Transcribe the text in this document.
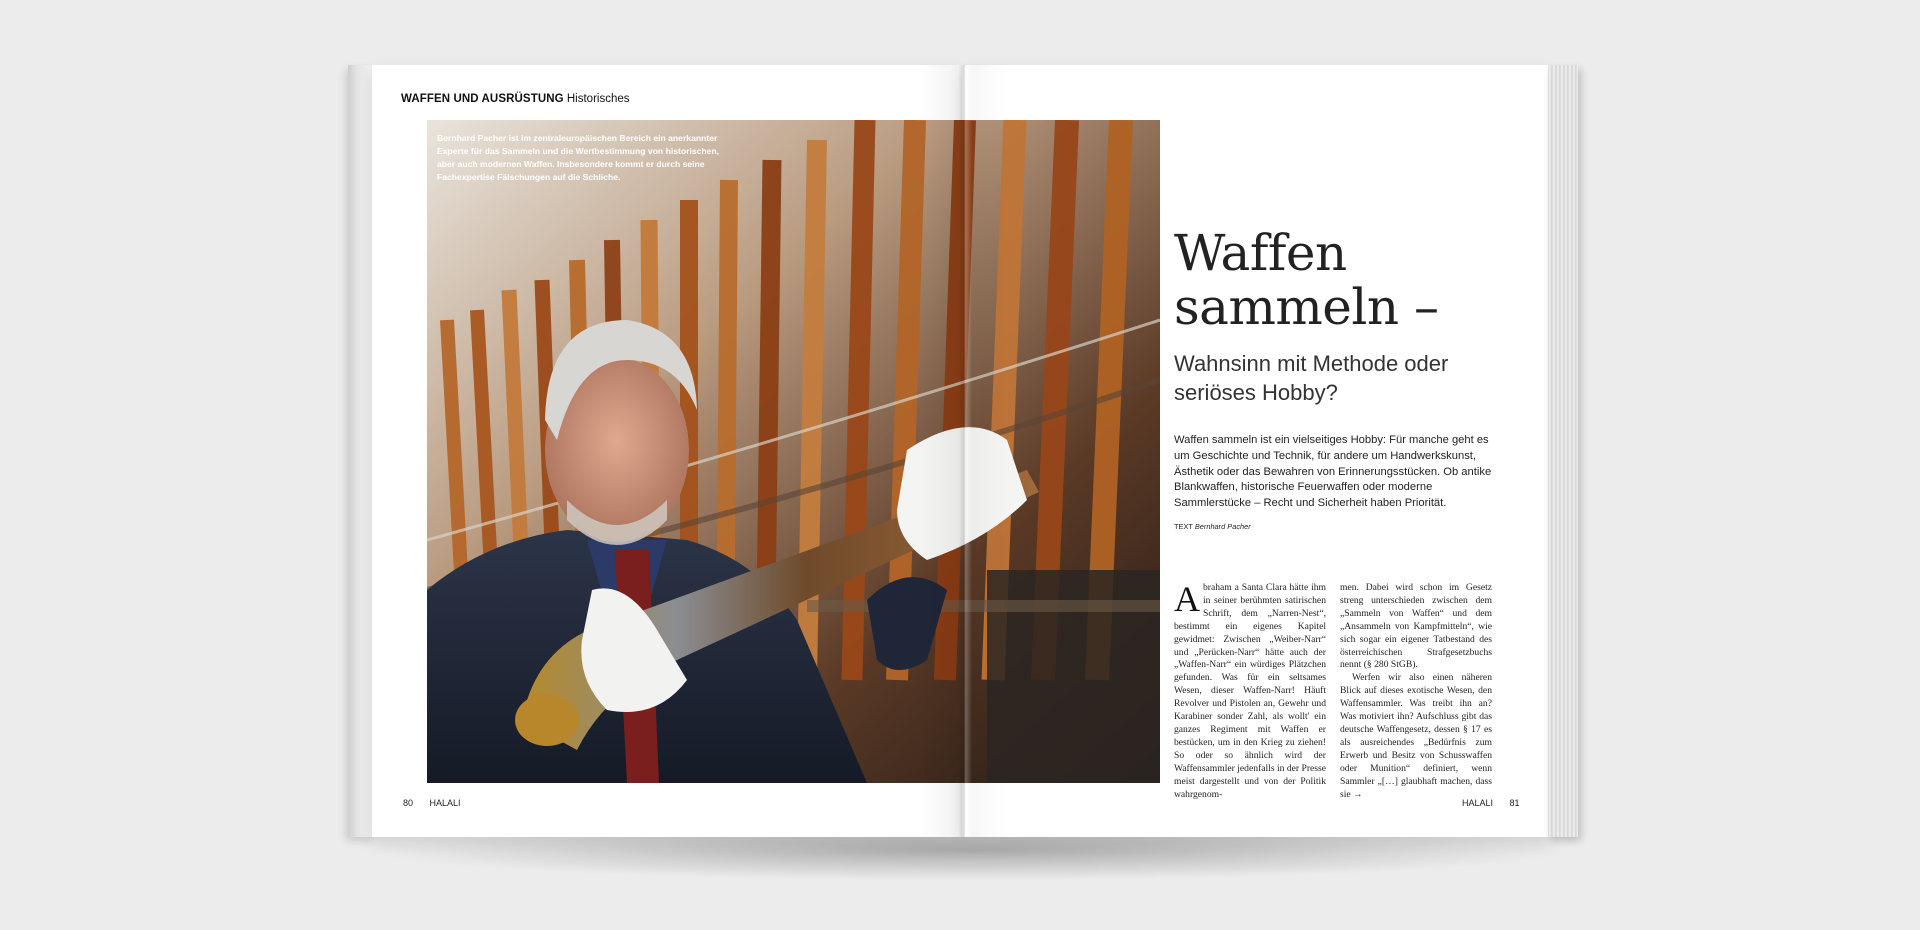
WAFFEN UND AUSRÜSTUNG Historisches
Bernhard Pacher ist im zentraleuropäischen Bereich ein anerkannter Experte für das Sammeln und die Wertbestimmung von historischen, aber auch modernen Waffen. Insbesondere kommt er durch seine Fachexpertise Fälschungen auf die Schliche.
Waffen
sammeln –
Wahnsinn mit Methode oder seriöses Hobby?
Waffen sammeln ist ein vielseitiges Hobby: Für manche geht es um Geschichte und Technik, für andere um Handwerkskunst, Ästhetik oder das Bewahren von Erinnerungsstücken. Ob antike Blankwaffen, historische Feuerwaffen oder moderne Sammlerstücke – Recht und Sicherheit haben Priorität.
TEXT Bernhard Pacher
A braham a Santa Clara hätte ihm in seiner berühmten satirischen Schrift, dem „Narren-Nest“, bestimmt ein eigenes Kapitel gewidmet: Zwischen „Weiber-Narr“ und „Perücken-Narr“ hätte auch der „Waffen-Narr“ ein würdiges Plätzchen gefunden. Was für ein seltsames Wesen, dieser Waffen-Narr! Häuft Revolver und Pistolen an, Gewehr und Karabiner sonder Zahl, als wollt' ein ganzes Regiment mit Waffen er bestücken, um in den Krieg zu ziehen! So oder so ähnlich wird der Waffensammler jedenfalls in der Presse meist dargestellt und von der Politik wahrgenom-
men. Dabei wird schon im Gesetz streng unterschieden zwischen dem „Sammeln von Waffen“ und dem „Ansammeln von Kampfmitteln“, wie sich sogar ein eigener Tatbestand des österreichischen Strafgesetzbuchs nennt (§ 280 StGB).
Werfen wir also einen näheren Blick auf dieses exotische Wesen, den Waffensammler. Was treibt ihn an? Was motiviert ihn? Aufschluss gibt das deutsche Waffengesetz, dessen § 17 es als ausreichendes „Bedürfnis zum Erwerb und Besitz von Schusswaffen oder Munition“ definiert, wenn Sammler „[…] glaubhaft machen, dass sie →
80 HALALI	HALALI 81
